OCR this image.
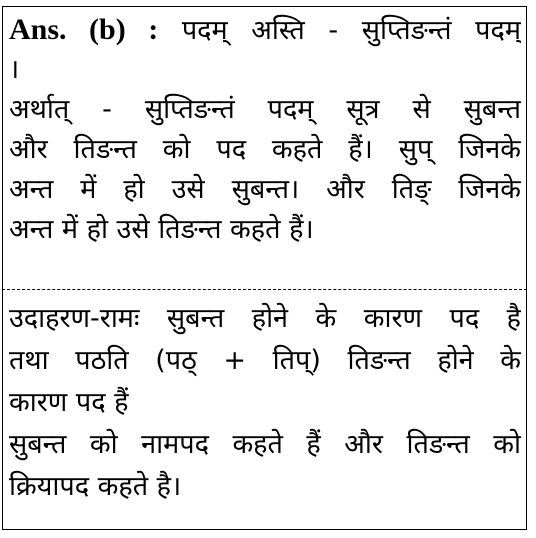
Ans. (b) : पदम् अस्ति - सुप्तिङन्तं पदम्
।
अर्थात् - सुप्तिङन्तं पदम् सूत्र से सुबन्त
और तिङन्त को पद कहते हैं। सुप् जिनके
अन्त में हो उसे सुबन्त। और तिङ् जिनके
अन्त में हो उसे तिङन्त कहते हैं।
उदाहरण-रामः सुबन्त होने के कारण पद है
तथा पठति (पठ् + तिप्) तिङन्त होने के
कारण पद हैं
सुबन्त को नामपद कहते हैं और तिङन्त को
क्रियापद कहते है।
